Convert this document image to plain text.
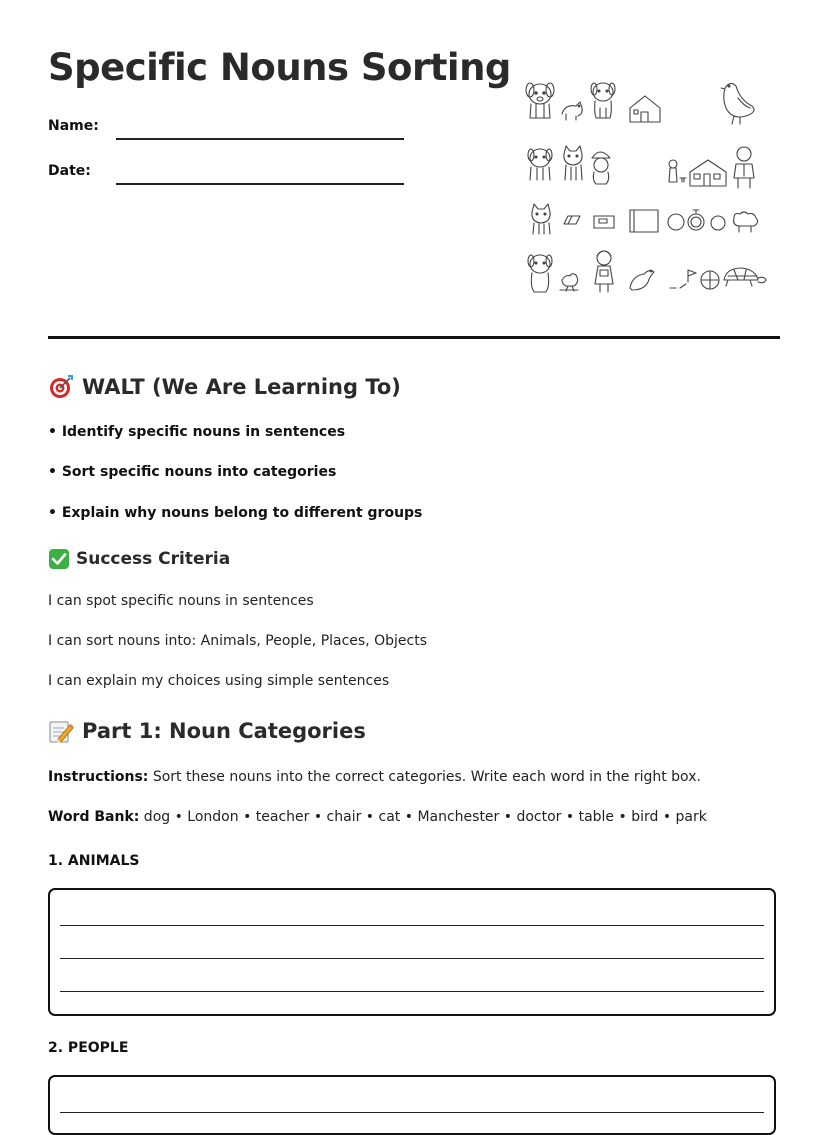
Specific Nouns Sorting
Name:
Date:
WALT (We Are Learning To)
• Identify specific nouns in sentences
• Sort specific nouns into categories
• Explain why nouns belong to different groups
Success Criteria
I can spot specific nouns in sentences
I can sort nouns into: Animals, People, Places, Objects
I can explain my choices using simple sentences
Part 1: Noun Categories
Instructions: Sort these nouns into the correct categories. Write each word in the right box.
Word Bank: dog • London • teacher • chair • cat • Manchester • doctor • table • bird • park
1. ANIMALS
2. PEOPLE
